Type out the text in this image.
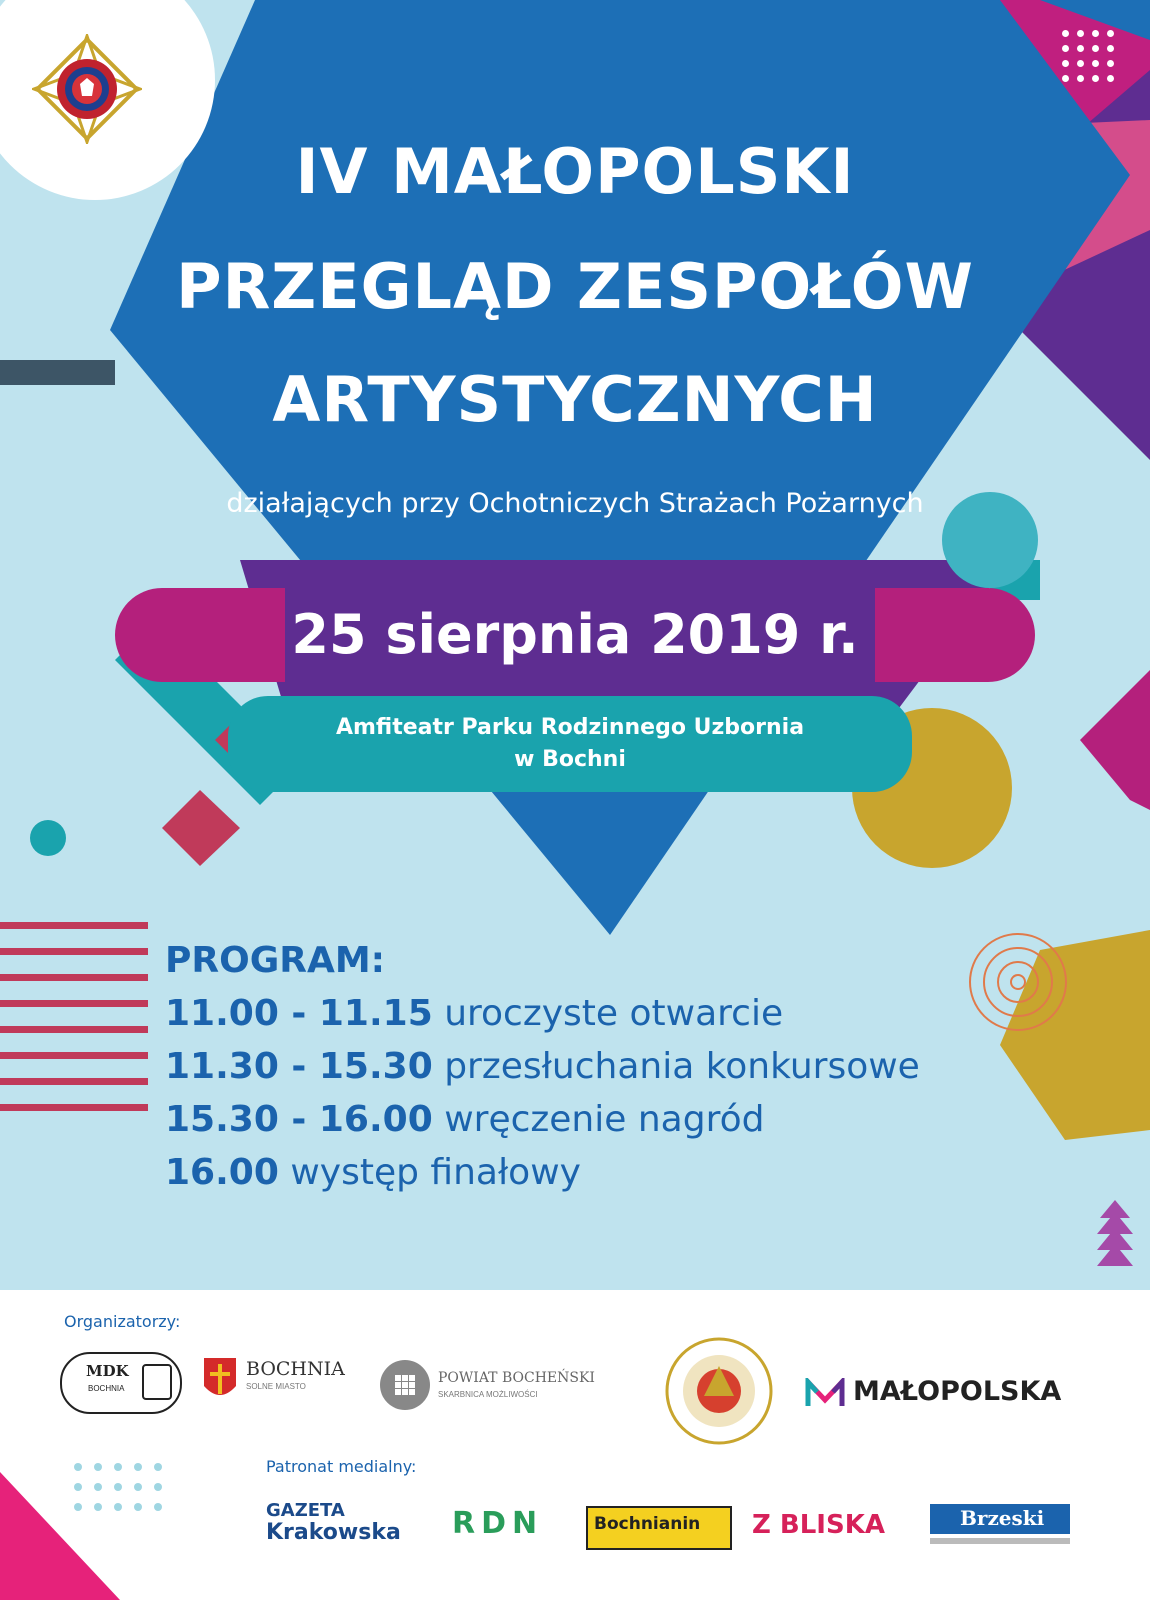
IV MAŁOPOLSKI
PRZEGLĄD ZESPOŁÓW
ARTYSTYCZNYCH
działających przy Ochotniczych Strażach Pożarnych
25 sierpnia 2019 r.
Amfiteatr Parku Rodzinnego Uzbornia
w Bochni
PROGRAM:
11.00 - 11.15 uroczyste otwarcie
11.30 - 15.30 przesłuchania konkursowe
15.30 - 16.00 wręczenie nagród
16.00 występ finałowy
Organizatorzy:
MDK
BOCHNIA
BOCHNIA
SOLNE MIASTO
POWIAT BOCHEŃSKI
SKARBNICA MOŻLIWOŚCI	MAŁOPOLSKA
Patronat medialny:
GAZETA
Krakowska RDN	Bochnianin Z BLISKA	Brzeski
